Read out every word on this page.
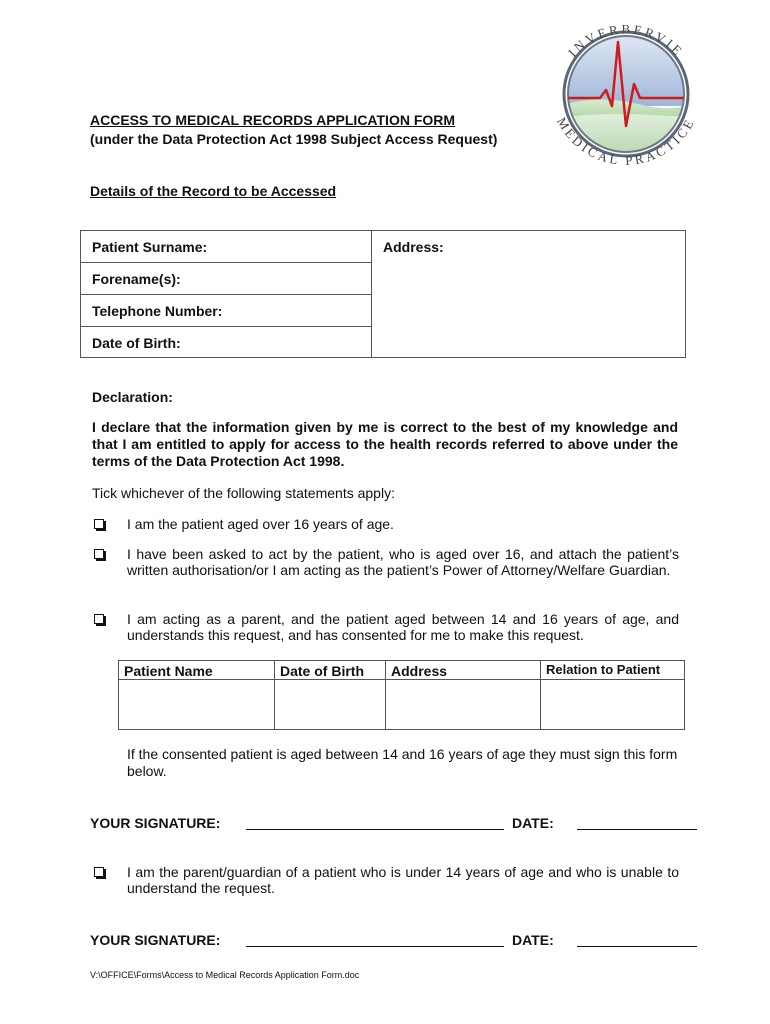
INVERBERVIE
MEDICAL PRACTICE
ACCESS TO MEDICAL RECORDS APPLICATION FORM
(under the Data Protection Act 1998 Subject Access Request)
Details of the Record to be Accessed
Patient Surname:
Forename(s):
Telephone Number:
Date of Birth:
Address:
Declaration:
I declare that the information given by me is correct to the best of my knowledge and that I am entitled to apply for access to the health records referred to above under the terms of the Data Protection Act 1998.
Tick whichever of the following statements apply:
I am the patient aged over 16 years of age.
I have been asked to act by the patient, who is aged over 16, and attach the patient’s written authorisation/or I am acting as the patient’s Power of Attorney/Welfare Guardian.
I am acting as a parent, and the patient aged between 14 and 16 years of age, and understands this request, and has consented for me to make this request.
Patient Name	Date of Birth	Address	Relation to Patient
If the consented patient is aged between 14 and 16 years of age they must sign this form below.
YOUR SIGNATURE:	DATE:
I am the parent/guardian of a patient who is under 14 years of age and who is unable to understand the request.
YOUR SIGNATURE:	DATE:
V:\OFFICE\Forms\Access to Medical Records Application Form.doc
